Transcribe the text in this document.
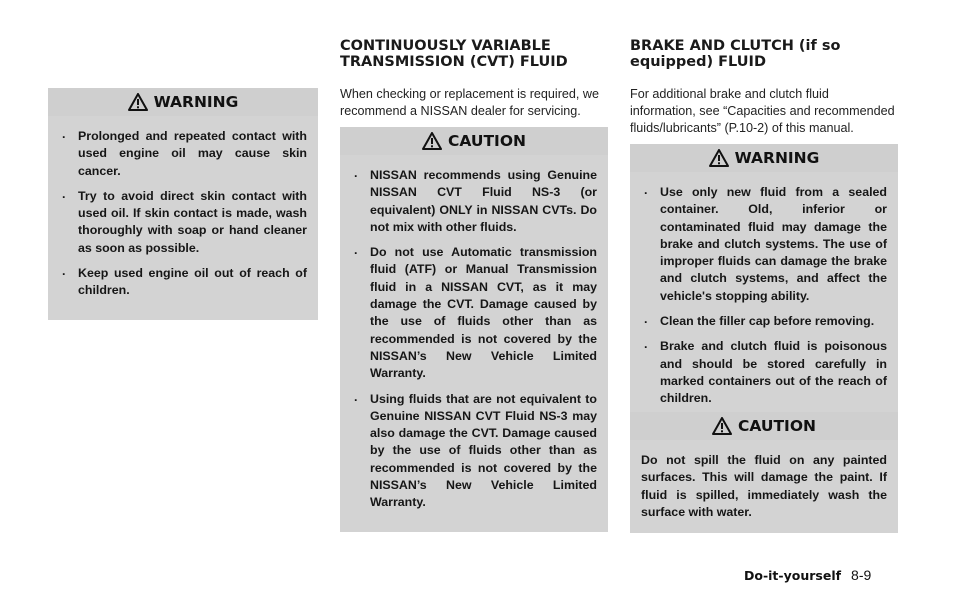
WARNING
. Prolonged and repeated contact with used engine oil may cause skin cancer.
. Try to avoid direct skin contact with used oil. If skin contact is made, wash thoroughly with soap or hand cleaner as soon as possible.
. Keep used engine oil out of reach of children.
CONTINUOUSLY VARIABLE
TRANSMISSION (CVT) FLUID

When checking or replacement is required, we recommend a NISSAN dealer for servicing.

CAUTION
. NISSAN recommends using Genuine NISSAN CVT Fluid NS-3 (or equivalent) ONLY in NISSAN CVTs. Do not mix with other fluids.
. Do not use Automatic transmission fluid (ATF) or Manual Transmission fluid in a NISSAN CVT, as it may damage the CVT. Damage caused by the use of fluids other than as recommended is not covered by the NISSAN’s New Vehicle Limited Warranty.
. Using fluids that are not equivalent to Genuine NISSAN CVT Fluid NS-3 may also damage the CVT. Damage caused by the use of fluids other than as recommended is not covered by the NISSAN’s New Vehicle Limited Warranty.
BRAKE AND CLUTCH (if so
equipped) FLUID

For additional brake and clutch fluid information, see “Capacities and recommended fluids/lubricants” (P.10-2) of this manual.

WARNING
. Use only new fluid from a sealed container. Old, inferior or contaminated fluid may damage the brake and clutch systems. The use of improper fluids can damage the brake and clutch systems, and affect the vehicle's stopping ability.
. Clean the filler cap before removing.
. Brake and clutch fluid is poisonous and should be stored carefully in marked containers out of the reach of children.
CAUTION

Do not spill the fluid on any painted surfaces. This will damage the paint. If fluid is spilled, immediately wash the surface with water.

Do-it-yourself 8-9
